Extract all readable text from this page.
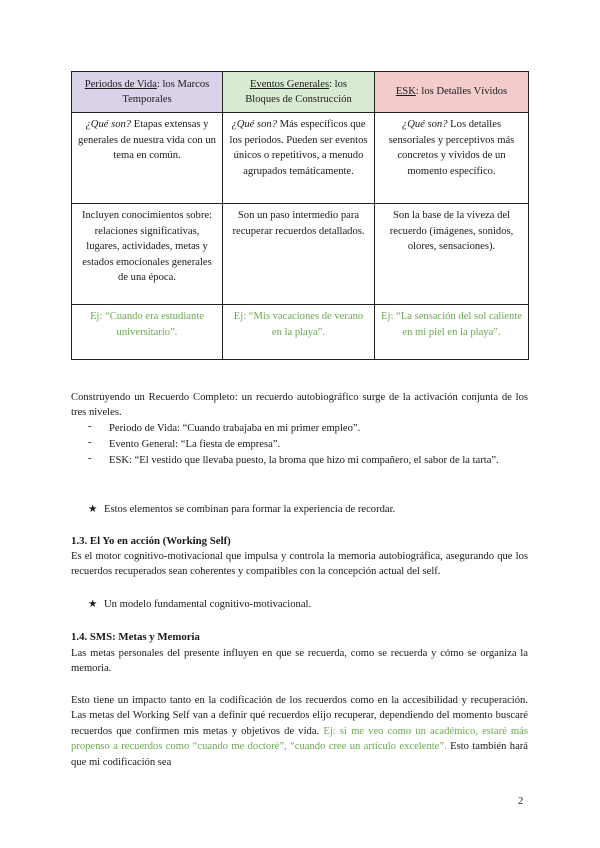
Periodos de Vida: los Marcos Temporales	Eventos Generales: los Bloques de Construcción	ESK: los Detalles Vívidos
¿Qué son? Etapas extensas y generales de nuestra vida con un tema en común.	¿Qué son? Más específicos que los periodos. Pueden ser eventos únicos o repetitivos, a menudo agrupados temáticamente.	¿Qué son? Los detalles sensoriales y perceptivos más concretos y vívidos de un momento específico.
Incluyen conocimientos sobre: relaciones significativas, lugares, actividades, metas y estados emocionales generales de una época.	Son un paso intermedio para recuperar recuerdos detallados.	Son la base de la viveza del recuerdo (imágenes, sonidos, olores, sensaciones).
Ej: “Cuando era estudiante universitario”.	Ej: “Mis vacaciones de verano en la playa”.	Ej: “La sensación del sol caliente en mi piel en la playa”.
Construyendo un Recuerdo Completo: un recuerdo autobiográfico surge de la activación conjunta de los tres niveles.
- Periodo de Vida: “Cuando trabajaba en mi primer empleo”.
- Evento General: “La fiesta de empresa”.
- ESK: “El vestido que llevaba puesto, la broma que hizo mi compañero, el sabor de la tarta”.
★ Estos elementos se combinan para formar la experiencia de recordar.
1.3. El Yo en acción (Working Self)
Es el motor cognitivo-motivacional que impulsa y controla la memoria autobiográfica, asegurando que los recuerdos recuperados sean coherentes y compatibles con la concepción actual del self.
★ Un modelo fundamental cognitivo-motivacional.
1.4. SMS: Metas y Memoria
Las metas personales del presente influyen en que se recuerda, como se recuerda y cómo se organiza la memoria.
Esto tiene un impacto tanto en la codificación de los recuerdos como en la accesibilidad y recuperación. Las metas del Working Self van a definir qué recuerdos elijo recuperar, dependiendo del momento buscaré recuerdos que confirmen mis metas y objetivos de vida. Ej: si me veo como un académico, estaré más propenso a recuerdos como “cuando me doctoré”, “cuando cree un artículo excelente”. Esto también hará que mi codificación sea
2
